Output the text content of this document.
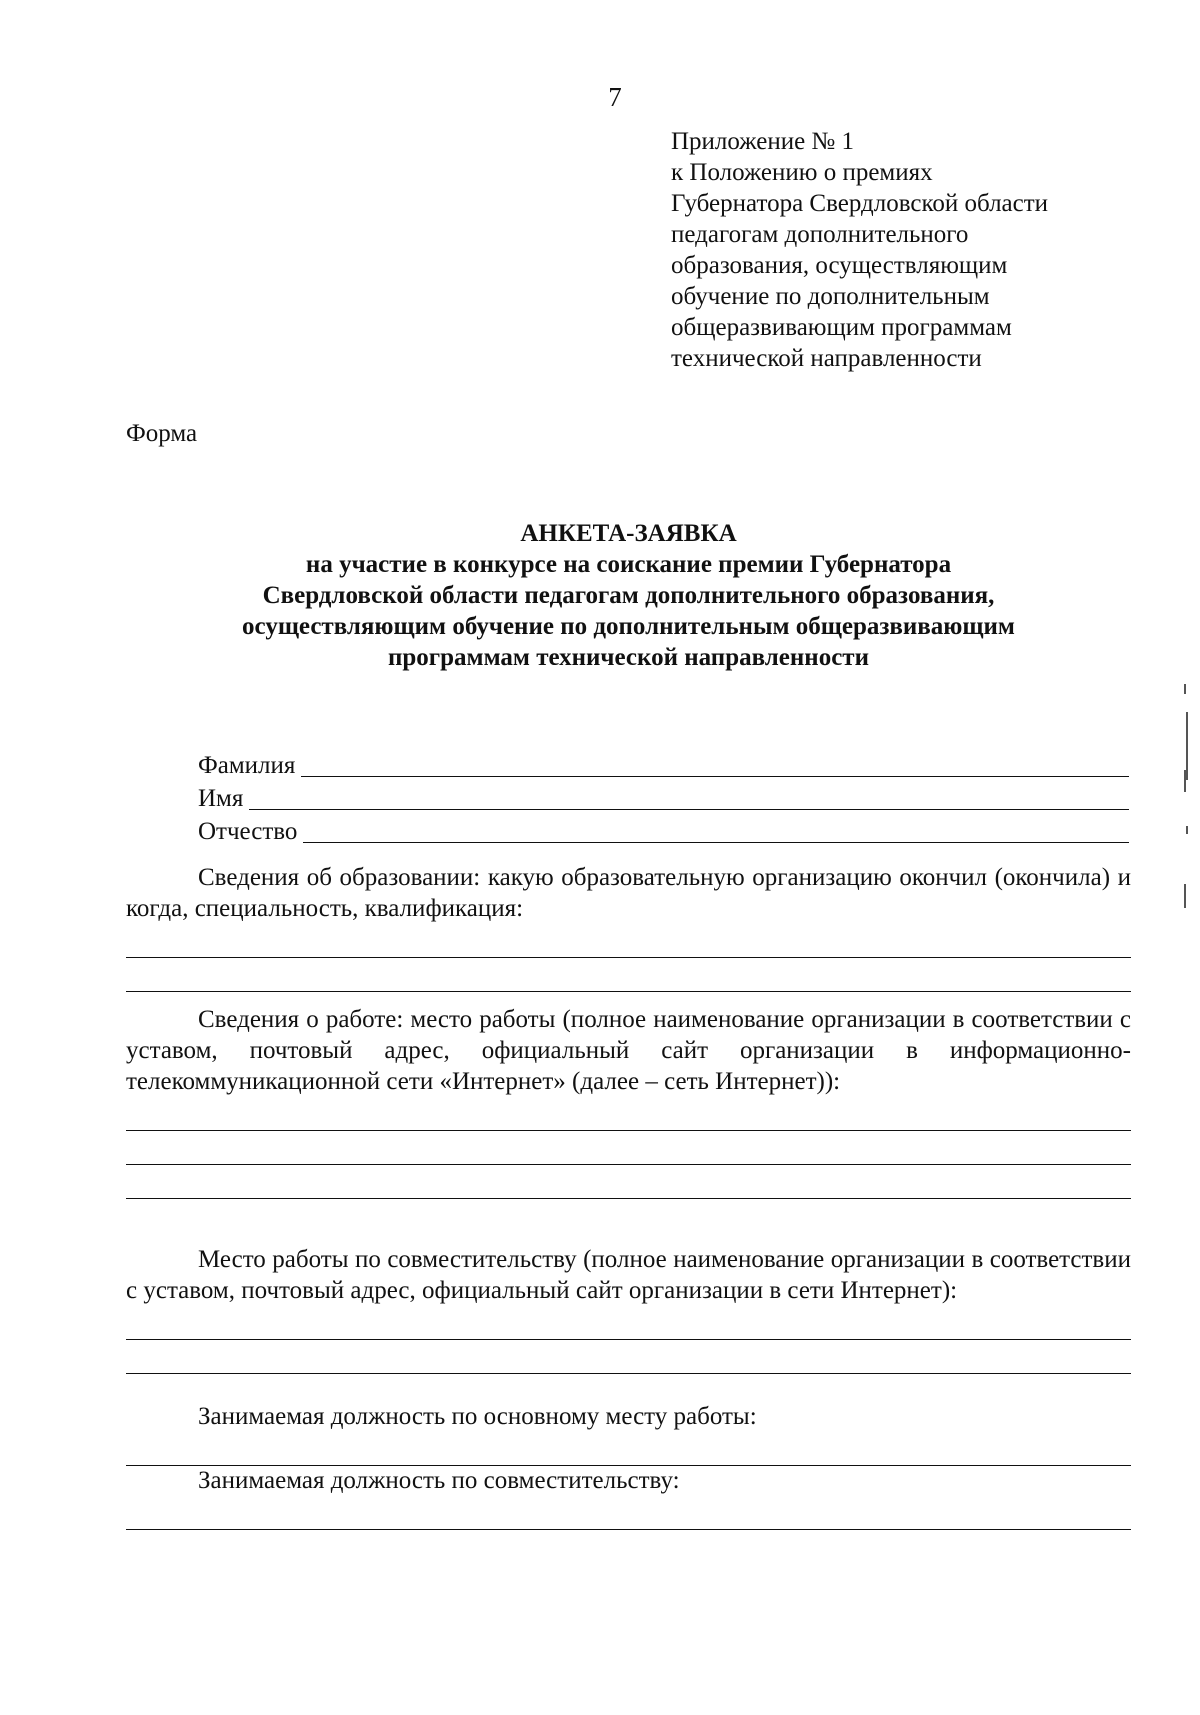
7
Приложение № 1
к Положению о премиях
Губернатора Свердловской области
педагогам дополнительного
образования, осуществляющим
обучение по дополнительным
общеразвивающим программам
технической направленности
Форма
АНКЕТА-ЗАЯВКА
на участие в конкурсе на соискание премии Губернатора
Свердловской области педагогам дополнительного образования,
осуществляющим обучение по дополнительным общеразвивающим
программам технической направленности
Фамилия
Имя
Отчество
Сведения об образовании: какую образовательную организацию окончил (окончила) и когда, специальность, квалификация:
Сведения о работе: место работы (полное наименование организации в соответствии с уставом, почтовый адрес, официальный сайт организации в информационно-телекоммуникационной сети «Интернет» (далее – сеть Интернет)):
Место работы по совместительству (полное наименование организации в соответствии с уставом, почтовый адрес, официальный сайт организации в сети Интернет):
Занимаемая должность по основному месту работы:
Занимаемая должность по совместительству:
